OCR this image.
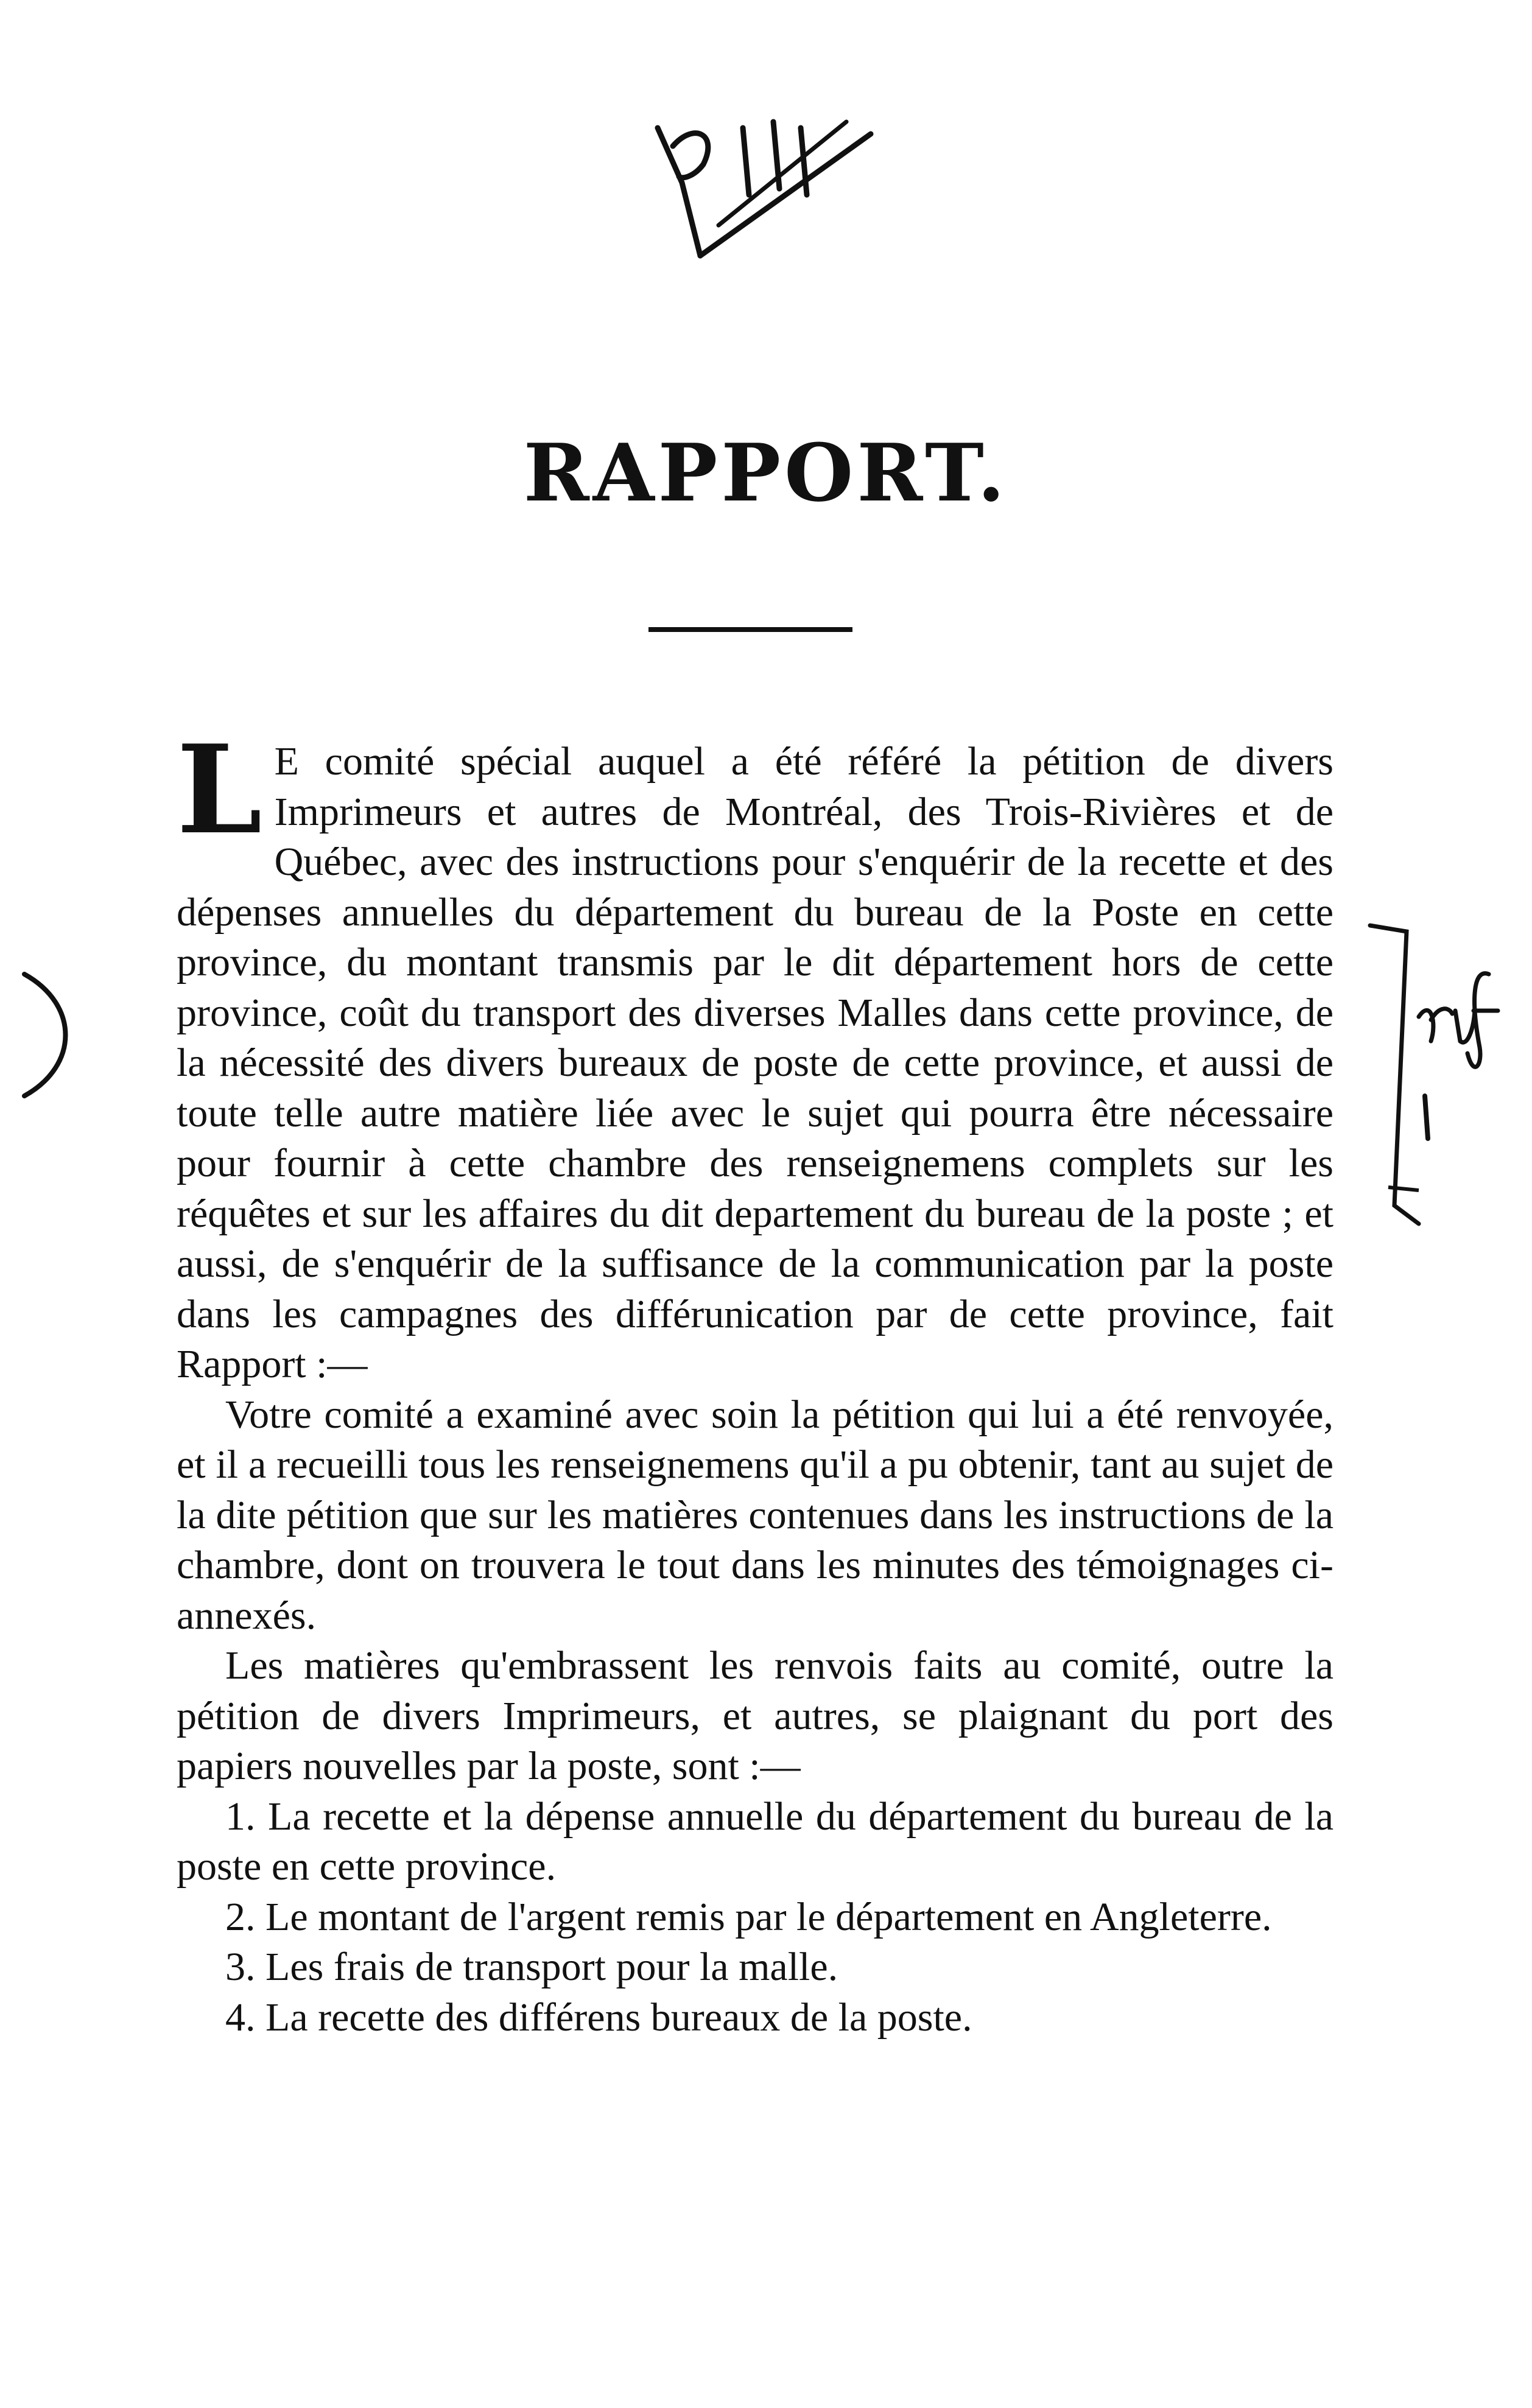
RAPPORT.

L E comité spécial auquel a été référé la pétition de divers Imprimeurs et autres de Montréal, des Trois-Rivières et de Québec, avec des instructions pour s'enquérir de la recette et des dépenses annuelles du département du bureau de la Poste en cette province, du montant transmis par le dit département hors de cette province, coût du transport des diverses Malles dans cette province, de la nécessité des divers bureaux de poste de cette province, et aussi de toute telle autre matière liée avec le sujet qui pourra être nécessaire pour fournir à cette chambre des renseignemens complets sur les réquêtes et sur les affaires du dit departement du bureau de la poste ; et aussi, de s'enquérir de la suffisance de la communication par la poste dans les campagnes des différunication par de cette province, fait Rapport :—

Votre comité a examiné avec soin la pétition qui lui a été renvoyée, et il a recueilli tous les renseignemens qu'il a pu obtenir, tant au sujet de la dite pétition que sur les matières contenues dans les instructions de la chambre, dont on trouvera le tout dans les minutes des témoignages ci-annexés.

Les matières qu'embrassent les renvois faits au comité, outre la pétition de divers Imprimeurs, et autres, se plaignant du port des papiers nouvelles par la poste, sont :—

1. La recette et la dépense annuelle du département du bureau de la poste en cette province.

2. Le montant de l'argent remis par le département en Angleterre.

3. Les frais de transport pour la malle.

4. La recette des différens bureaux de la poste.
